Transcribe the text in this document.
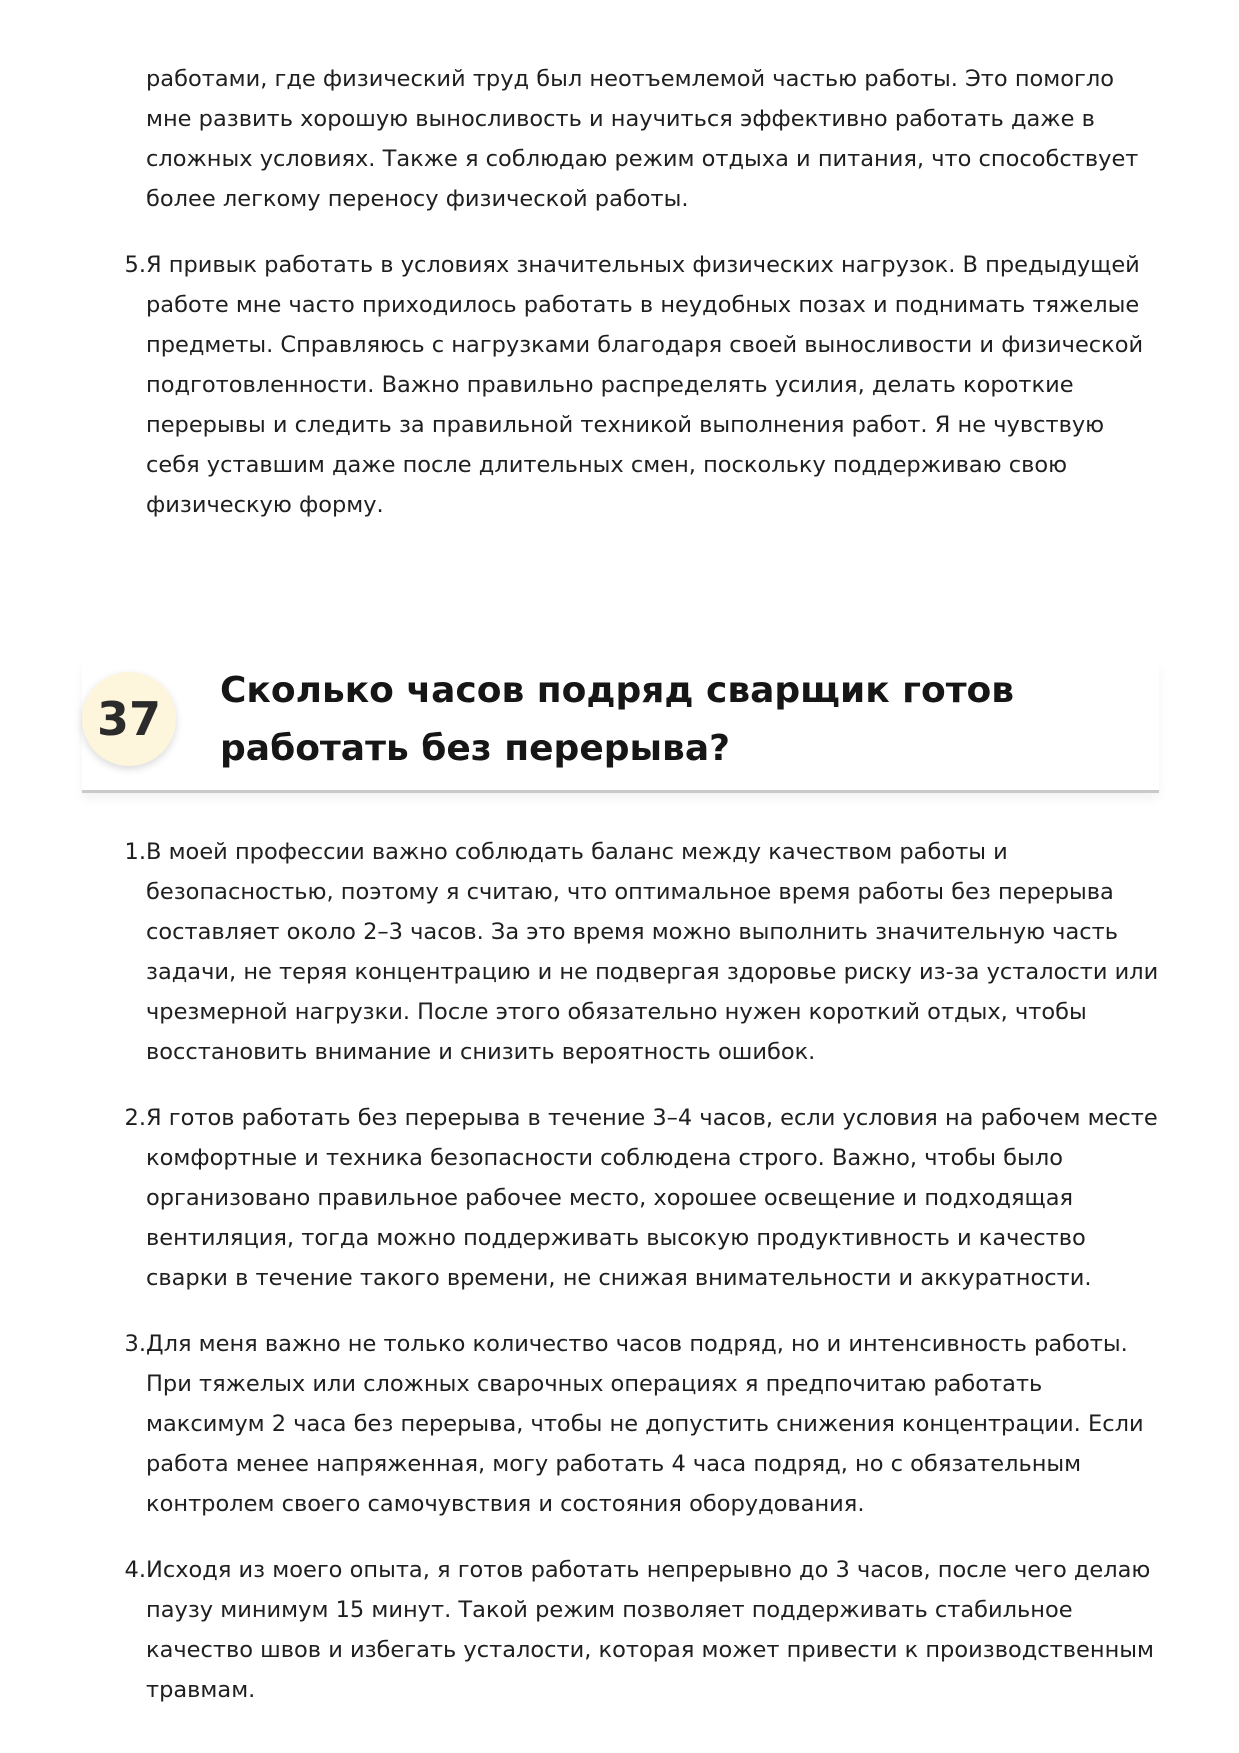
работами, где физический труд был неотъемлемой частью работы. Это помогло мне развить хорошую выносливость и научиться эффективно работать даже в сложных условиях. Также я соблюдаю режим отдыха и питания, что способствует более легкому переносу физической работы.

5. Я привык работать в условиях значительных физических нагрузок. В предыдущей работе мне часто приходилось работать в неудобных позах и поднимать тяжелые предметы. Справляюсь с нагрузками благодаря своей выносливости и физической подготовленности. Важно правильно распределять усилия, делать короткие перерывы и следить за правильной техникой выполнения работ. Я не чувствую себя уставшим даже после длительных смен, поскольку поддерживаю свою физическую форму.
37
Сколько часов подряд сварщик готов работать без перерыва?
1. В моей профессии важно соблюдать баланс между качеством работы и безопасностью, поэтому я считаю, что оптимальное время работы без перерыва составляет около 2–3 часов. За это время можно выполнить значительную часть задачи, не теряя концентрацию и не подвергая здоровье риску из-за усталости или чрезмерной нагрузки. После этого обязательно нужен короткий отдых, чтобы восстановить внимание и снизить вероятность ошибок.
2. Я готов работать без перерыва в течение 3–4 часов, если условия на рабочем месте комфортные и техника безопасности соблюдена строго. Важно, чтобы было организовано правильное рабочее место, хорошее освещение и подходящая вентиляция, тогда можно поддерживать высокую продуктивность и качество сварки в течение такого времени, не снижая внимательности и аккуратности.
3. Для меня важно не только количество часов подряд, но и интенсивность работы. При тяжелых или сложных сварочных операциях я предпочитаю работать максимум 2 часа без перерыва, чтобы не допустить снижения концентрации. Если работа менее напряженная, могу работать 4 часа подряд, но с обязательным контролем своего самочувствия и состояния оборудования.
4. Исходя из моего опыта, я готов работать непрерывно до 3 часов, после чего делаю паузу минимум 15 минут. Такой режим позволяет поддерживать стабильное качество швов и избегать усталости, которая может привести к производственным травмам.
